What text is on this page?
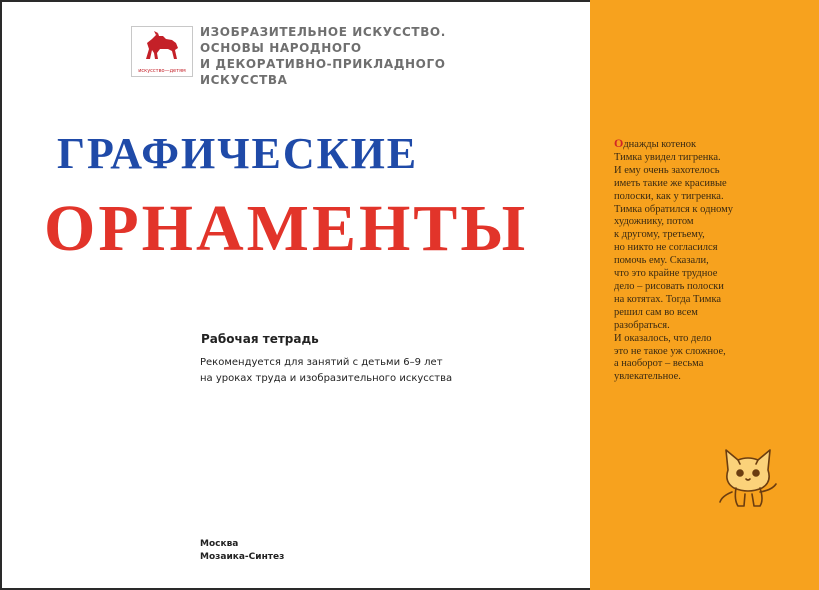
искусство—детям
ИЗОБРАЗИТЕЛЬНОЕ ИСКУССТВО.
ОСНОВЫ НАРОДНОГО
И ДЕКОРАТИВНО-ПРИКЛАДНОГО
ИСКУССТВА
ГРАФИЧЕСКИЕ
ОРНАМЕНТЫ
Рабочая тетрадь
Рекомендуется для занятий с детьми 6–9 лет
на уроках труда и изобразительного искусства
Москва
Мозаика-Синтез
Однажды котенок
Тимка увидел тигренка.
И ему очень захотелось
иметь такие же красивые
полоски, как у тигренка.
Тимка обратился к одному
художнику, потом
к другому, третьему,
но никто не согласился
помочь ему. Сказали,
что это крайне трудное
дело – рисовать полоски
на котятах. Тогда Тимка
решил сам во всем
разобраться.
И оказалось, что дело
это не такое уж сложное,
а наоборот – весьма
увлекательное.
